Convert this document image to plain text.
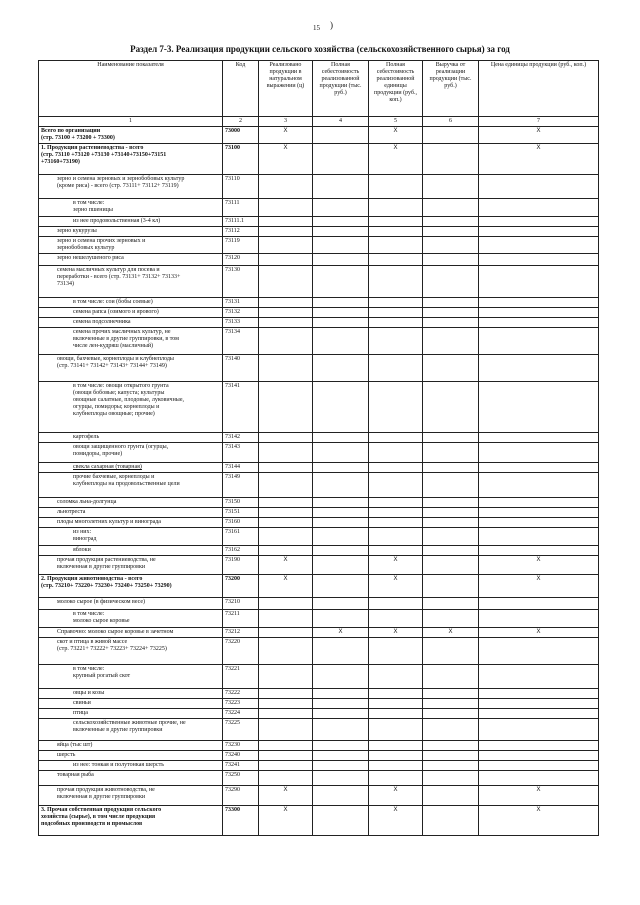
15 )
Раздел 7-3. Реализация продукции сельского хозяйства (сельскохозяйственного сырья) за год
Наименование показателя	Код	Реализовано продукции в натуральном выражении (ц)	Полная себестоимость реализованной продукции (тыс. руб.)	Полная себестоимость реализованной единицы продукции (руб., коп.)	Выручка от реализации продукции (тыс. руб.)	Цена единицы продукции (руб., коп.)
1	2	3	4	5	6	7
Всего по организации
(стр. 73100 + 73200 + 73300)	73000	X		X		X
1. Продукция растениеводства - всего
(стр. 73110 +73120 +73130 +73140+73150+73151
+73160+73190)	73100	X		X		X
зерно и семена зерновых и зернобобовых культур
(кроме риса) - всего (стр. 73111+ 73112+ 73119)	73110					
в том числе:
зерно пшеницы	73111					
из нее продовольственная (3-4 кл)	73111.1					
зерно кукурузы	73112					
зерно и семена прочих зерновых и
зернобобовых культур	73119					
зерно нешелушеного риса	73120					
семена масличных культур для посева и
переработки - всего (стр. 73131+ 73132+ 73133+
73134)	73130					
в том числе: сои (бобы соевые)	73131					
семена рапса (озимого и ярового)	73132					
семена подсолнечника	73133					
семена прочих масличных культур, не
включенные в другие группировки, в том
числе лен-кудряш (масличный)	73134					
овощи, бахчевые, корнеплоды и клубнеплоды
(стр. 73141+ 73142+ 73143+ 73144+ 73149)	73140					
в том числе: овощи открытого грунта
(овощи бобовые; капуста; культуры
овощные салатные, плодовые, луковичные,
огурцы, помидоры; корнеплоды и
клубнеплоды овощные; прочие)	73141					
картофель	73142					
овощи защищенного грунта (огурцы,
помидоры, прочие)	73143					
свекла сахарная (товарная)	73144					
прочие бахчевые, корнеплоды и
клубнеплоды на продовольственные цели	73149					
соломка льна-долгунца	73150					
льнотреста	73151					
плоды многолетних культур и винограда	73160					
из них:
виноград	73161					
яблоки	73162					
прочая продукция растениеводства, не
включенная в другие группировки	73190	X		X		X
2. Продукция животноводства - всего
(стр. 73210+ 73220+ 73230+ 73240+ 73250+ 73290)	73200	X		X		X
молоко сырое (в физическом весе)	73210					
в том числе:
молоко сырое коровье	73211					
Справочно: молоко сырое коровье в зачетном	73212		X	X	X	X
скот и птица в живой массе
(стр. 73221+ 73222+ 73223+ 73224+ 73225)	73220					
в том числе:
крупный рогатый скот	73221					
овцы и козы	73222					
свиньи	73223					
птица	73224					
сельскохозяйственные животные прочие, не
включенные в другие группировки	73225					
яйца (тыс шт)	73230					
шерсть	73240					
из нее: тонкая и полутонкая шерсть	73241					
товарная рыба	73250					
прочая продукция животноводства, не
включенная в другие группировки	73290	X		X		X
3. Прочая собственная продукция сельского
хозяйства (сырье), в том числе продукция
подсобных производств и промыслов	73300	X		X		X
